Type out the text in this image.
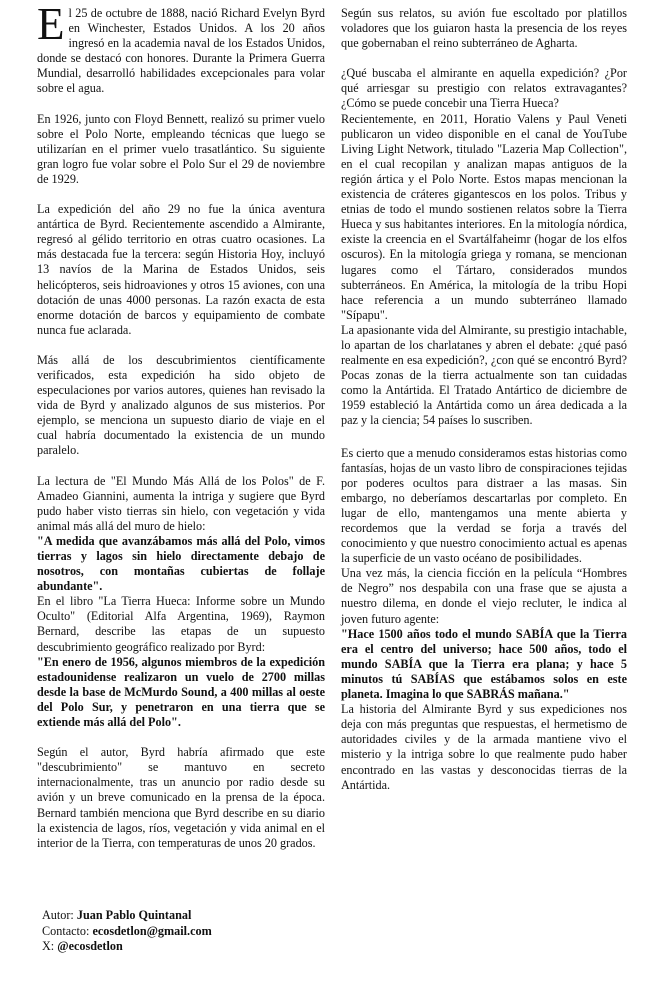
El 25 de octubre de 1888, nació Richard Evelyn Byrd en Winchester, Estados Unidos. A los 20 años ingresó en la academia naval de los Estados Unidos, donde se destacó con honores. Durante la Primera Guerra Mundial, desarrolló habilidades excepcionales para volar sobre el agua.

En 1926, junto con Floyd Bennett, realizó su primer vuelo sobre el Polo Norte, empleando técnicas que luego se utilizarían en el primer vuelo trasatlántico. Su siguiente gran logro fue volar sobre el Polo Sur el 29 de noviembre de 1929.

La expedición del año 29 no fue la única aventura antártica de Byrd. Recientemente ascendido a Almirante, regresó al gélido territorio en otras cuatro ocasiones. La más destacada fue la tercera: según Historia Hoy, incluyó 13 navíos de la Marina de Estados Unidos, seis helicópteros, seis hidroaviones y otros 15 aviones, con una dotación de unas 4000 personas. La razón exacta de esta enorme dotación de barcos y equipamiento de combate nunca fue aclarada.

Más allá de los descubrimientos científicamente verificados, esta expedición ha sido objeto de especulaciones por varios autores, quienes han revisado la vida de Byrd y analizado algunos de sus misterios. Por ejemplo, se menciona un supuesto diario de viaje en el cual habría documentado la existencia de un mundo paralelo.

La lectura de "El Mundo Más Allá de los Polos" de F. Amadeo Giannini, aumenta la intriga y sugiere que Byrd pudo haber visto tierras sin hielo, con vegetación y vida animal más allá del muro de hielo:

"A medida que avanzábamos más allá del Polo, vimos tierras y lagos sin hielo directamente debajo de nosotros, con montañas cubiertas de follaje abundante".

En el libro "La Tierra Hueca: Informe sobre un Mundo Oculto" (Editorial Alfa Argentina, 1969), Raymon Bernard, describe las etapas de un supuesto descubrimiento geográfico realizado por Byrd:

"En enero de 1956, algunos miembros de la expedición estadounidense realizaron un vuelo de 2700 millas desde la base de McMurdo Sound, a 400 millas al oeste del Polo Sur, y penetraron en una tierra que se extiende más allá del Polo".

Según el autor, Byrd habría afirmado que este "descubrimiento" se mantuvo en secreto internacionalmente, tras un anuncio por radio desde su avión y un breve comunicado en la prensa de la época. Bernard también menciona que Byrd describe en su diario la existencia de lagos, ríos, vegetación y vida animal en el interior de la Tierra, con temperaturas de unos 20 grados.

Según sus relatos, su avión fue escoltado por platillos voladores que los guiaron hasta la presencia de los reyes que gobernaban el reino subterráneo de Agharta.

¿Qué buscaba el almirante en aquella expedición? ¿Por qué arriesgar su prestigio con relatos extravagantes? ¿Cómo se puede concebir una Tierra Hueca?

Recientemente, en 2011, Horatio Valens y Paul Veneti publicaron un video disponible en el canal de YouTube Living Light Network, titulado "Lazeria Map Collection", en el cual recopilan y analizan mapas antiguos de la región ártica y el Polo Norte. Estos mapas mencionan la existencia de cráteres gigantescos en los polos. Tribus y etnias de todo el mundo sostienen relatos sobre la Tierra Hueca y sus habitantes interiores. En la mitología nórdica, existe la creencia en el Svartálfaheimr (hogar de los elfos oscuros). En la mitología griega y romana, se mencionan lugares como el Tártaro, considerados mundos subterráneos. En América, la mitología de la tribu Hopi hace referencia a un mundo subterráneo llamado "Sípapu".

La apasionante vida del Almirante, su prestigio intachable, lo apartan de los charlatanes y abren el debate: ¿qué pasó realmente en esa expedición?, ¿con qué se encontró Byrd? Pocas zonas de la tierra actualmente son tan cuidadas como la Antártida. El Tratado Antártico de diciembre de 1959 estableció la Antártida como un área dedicada a la paz y la ciencia; 54 países lo suscriben.

Es cierto que a menudo consideramos estas historias como fantasías, hojas de un vasto libro de conspiraciones tejidas por poderes ocultos para distraer a las masas. Sin embargo, no deberíamos descartarlas por completo. En lugar de ello, mantengamos una mente abierta y recordemos que la verdad se forja a través del conocimiento y que nuestro conocimiento actual es apenas la superficie de un vasto océano de posibilidades.

Una vez más, la ciencia ficción en la película “Hombres de Negro” nos despabila con una frase que se ajusta a nuestro dilema, en donde el viejo recluter, le indica al joven futuro agente:

"Hace 1500 años todo el mundo SABÍA que la Tierra era el centro del universo; hace 500 años, todo el mundo SABÍA que la Tierra era plana; y hace 5 minutos tú SABÍAS que estábamos solos en este planeta. Imagina lo que SABRÁS mañana."

La historia del Almirante Byrd y sus expediciones nos deja con más preguntas que respuestas, el hermetismo de autoridades civiles y de la armada mantiene vivo el misterio y la intriga sobre lo que realmente pudo haber encontrado en las vastas y desconocidas tierras de la Antártida.

Autor: Juan Pablo Quintanal
Contacto: ecosdetlon@gmail.com
X: @ecosdetlon
